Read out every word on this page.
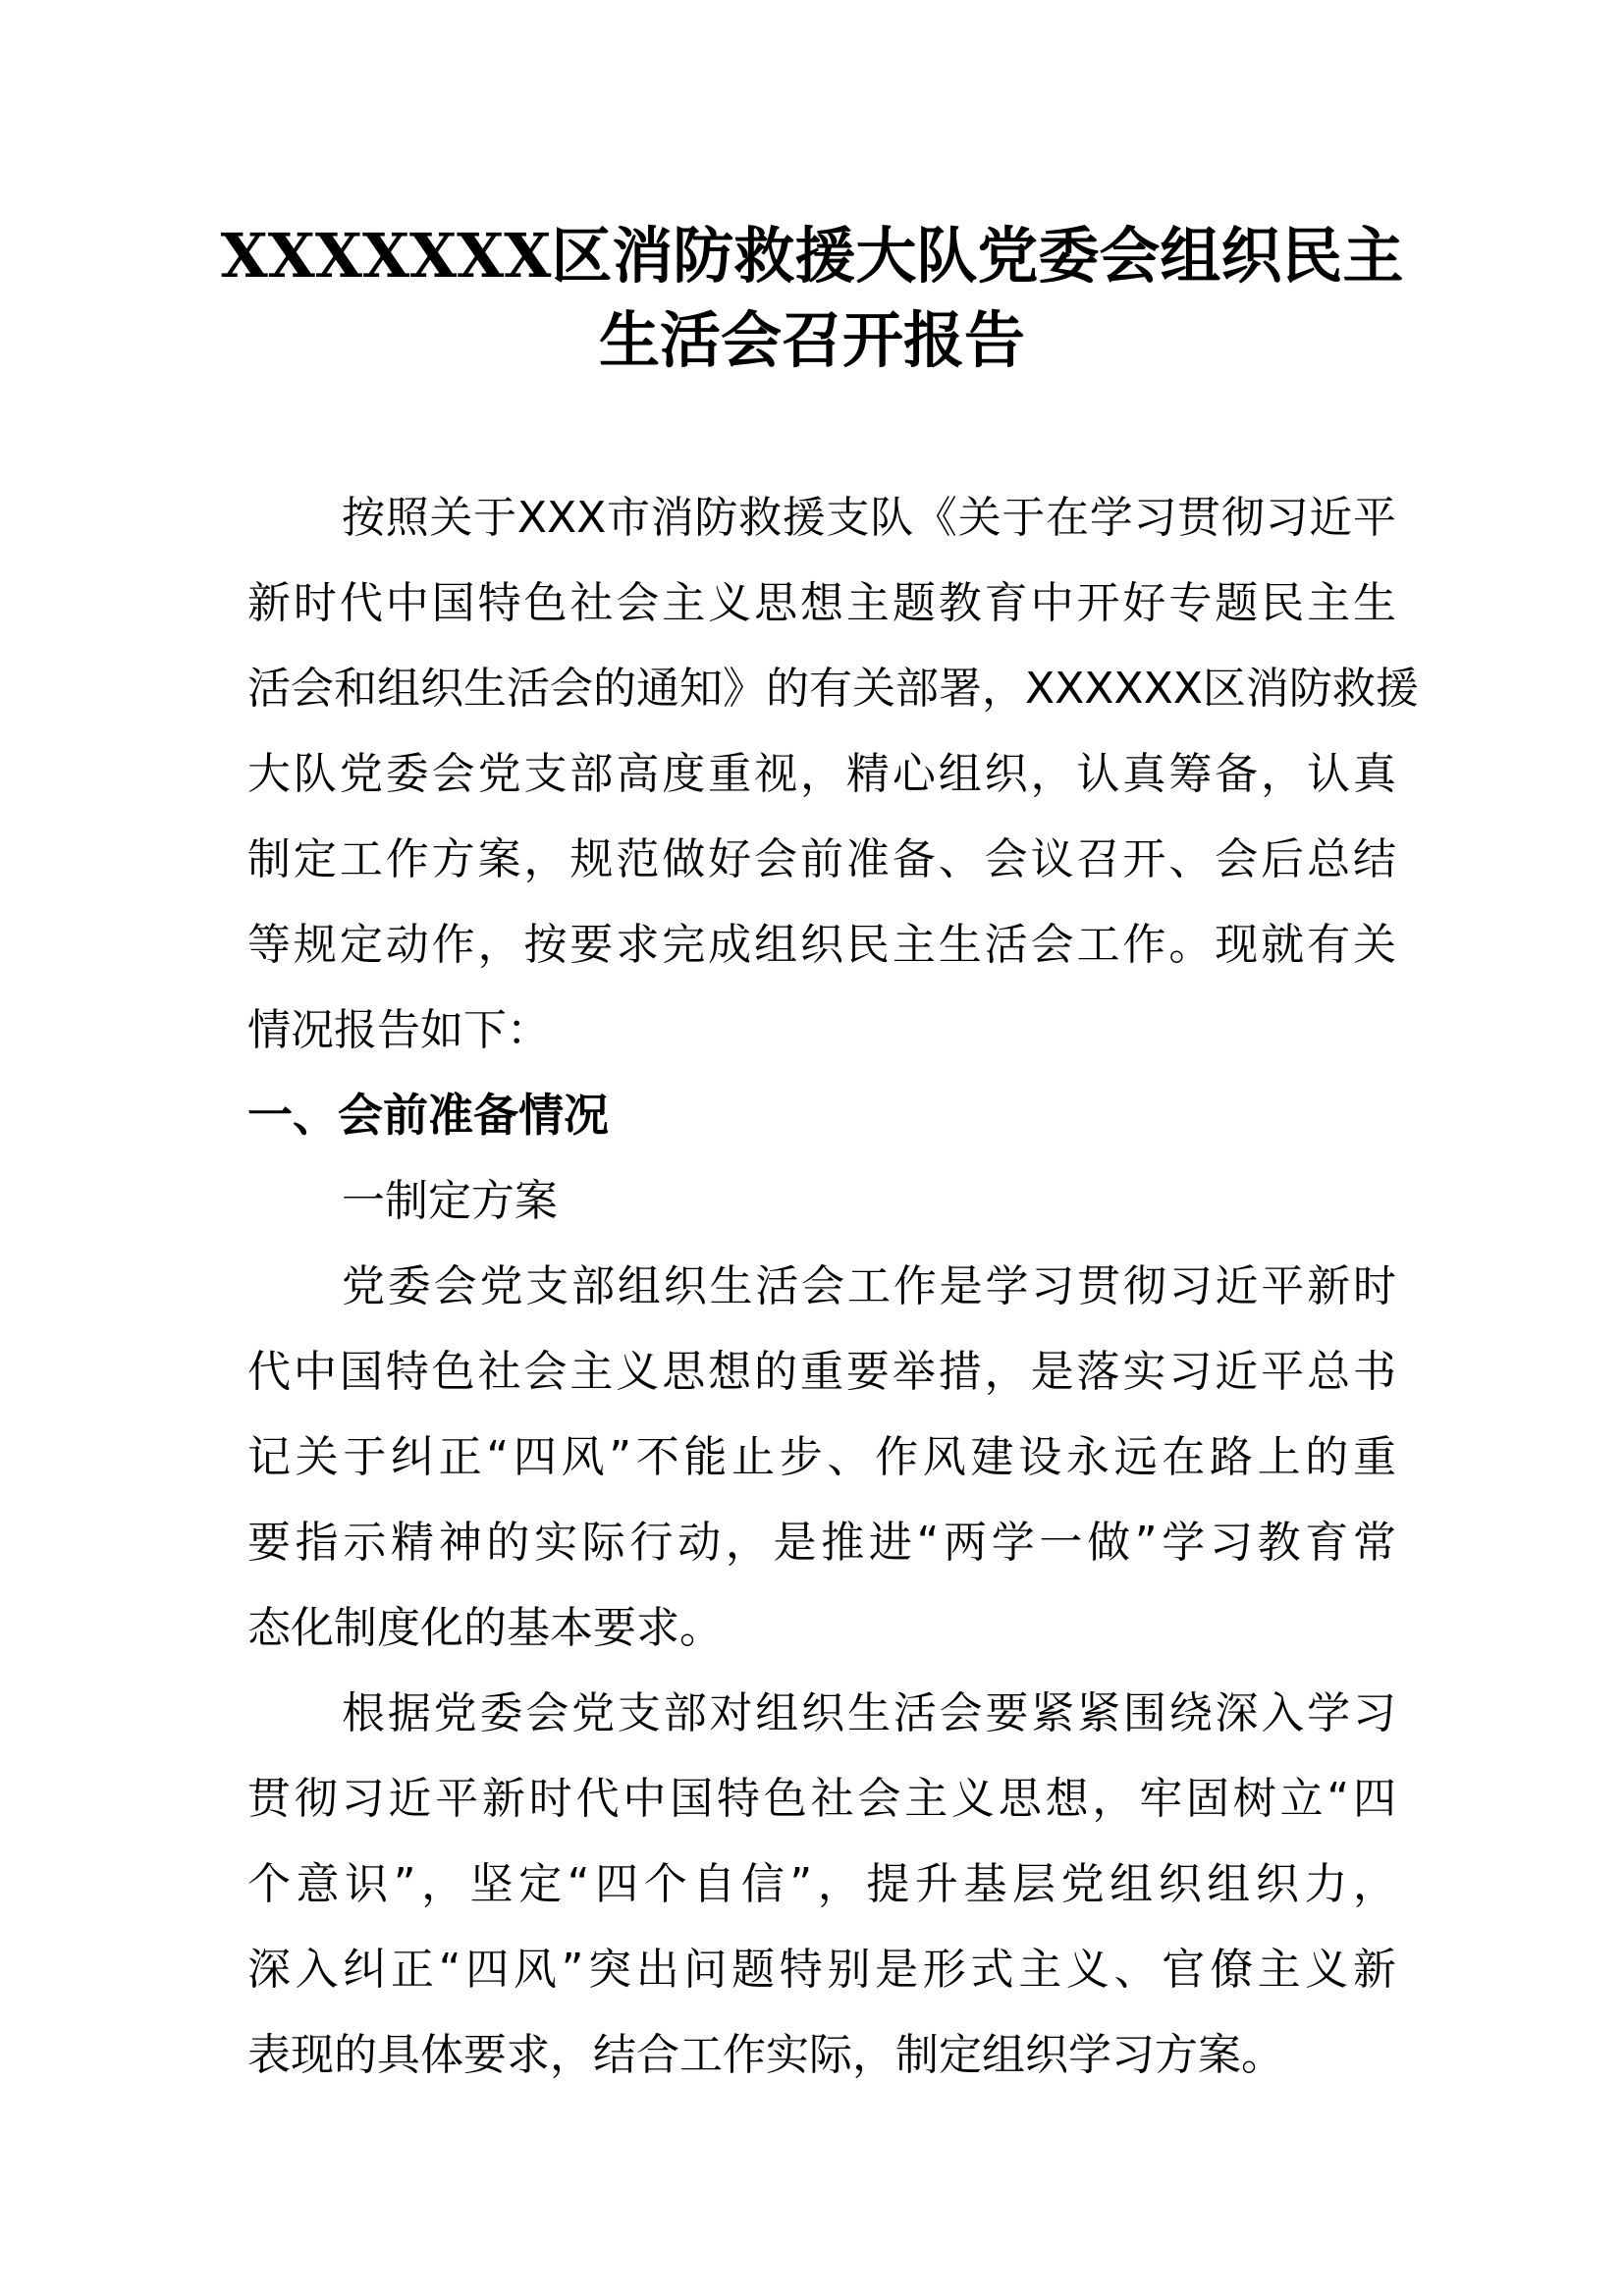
XXXXXXX区消防救援大队党委会组织民主
生活会召开报告
按照关于XXX市消防救援支队《关于在学习贯彻习近平
新时代中国特色社会主义思想主题教育中开好专题民主生
活会和组织生活会的通知》的有关部署，XXXXXX区消防救援
大队党委会党支部高度重视，精心组织，认真筹备，认真
制定工作方案，规范做好会前准备、会议召开、会后总结
等规定动作，按要求完成组织民主生活会工作。现就有关
情况报告如下：
一、会前准备情况
一制定方案
党委会党支部组织生活会工作是学习贯彻习近平新时
代中国特色社会主义思想的重要举措，是落实习近平总书
记关于纠正“四风”不能止步、作风建设永远在路上的重
要指示精神的实际行动，是推进“两学一做”学习教育常
态化制度化的基本要求。
根据党委会党支部对组织生活会要紧紧围绕深入学习
贯彻习近平新时代中国特色社会主义思想，牢固树立“四
个意识”，坚定“四个自信”，提升基层党组织组织力，
深入纠正“四风”突出问题特别是形式主义、官僚主义新
表现的具体要求，结合工作实际，制定组织学习方案。
